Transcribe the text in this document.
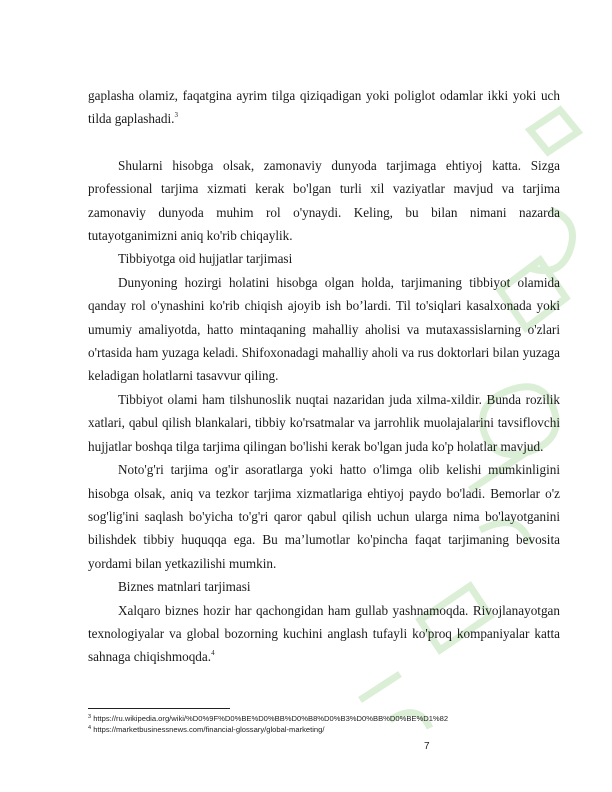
gaplasha olamiz, faqatgina ayrim tilga qiziqadigan yoki poliglot odamlar ikki yoki uch tilda gaplashadi.$^3$

Shularni hisobga olsak, zamonaviy dunyoda tarjimaga ehtiyoj katta. Sizga professional tarjima xizmati kerak bo'lgan turli xil vaziyatlar mavjud va tarjima zamonaviy dunyoda muhim rol o'ynaydi. Keling, bu bilan nimani nazarda tutayotganimizni aniq ko'rib chiqaylik.

Tibbiyotga oid hujjatlar tarjimasi

Dunyoning hozirgi holatini hisobga olgan holda, tarjimaning tibbiyot olamida qanday rol o'ynashini ko'rib chiqish ajoyib ish bo’lardi. Til to'siqlari kasalxonada yoki umumiy amaliyotda, hatto mintaqaning mahalliy aholisi va mutaxassislarning o'zlari o'rtasida ham yuzaga keladi. Shifoxonadagi mahalliy aholi va rus doktorlari bilan yuzaga keladigan holatlarni tasavvur qiling.

Tibbiyot olami ham tilshunoslik nuqtai nazaridan juda xilma-xildir. Bunda rozilik xatlari, qabul qilish blankalari, tibbiy ko'rsatmalar va jarrohlik muolajalarini tavsiflovchi hujjatlar boshqa tilga tarjima qilingan bo'lishi kerak bo'lgan juda ko'p holatlar mavjud.

Noto'g'ri tarjima og'ir asoratlarga yoki hatto o'limga olib kelishi mumkinligini hisobga olsak, aniq va tezkor tarjima xizmatlariga ehtiyoj paydo bo'ladi. Bemorlar o'z sog'lig'ini saqlash bo'yicha to'g'ri qaror qabul qilish uchun ularga nima bo'layotganini bilishdek tibbiy huquqqa ega. Bu ma’lumotlar ko'pincha faqat tarjimaning bevosita yordami bilan yetkazilishi mumkin.

Biznes matnlari tarjimasi

Xalqaro biznes hozir har qachongidan ham gullab yashnamoqda. Rivojlanayotgan texnologiyalar va global bozorning kuchini anglash tufayli ko'proq kompaniyalar katta sahnaga chiqishmoqda.$^4$

$^3$ https://ru.wikipedia.org/wiki/%D0%9F%D0%BE%D0%BB%D0%B8%D0%B3%D0%BB%D0%BE%D1%82
$^4$ https://marketbusinessnews.com/financial-glossary/global-marketing/
7
